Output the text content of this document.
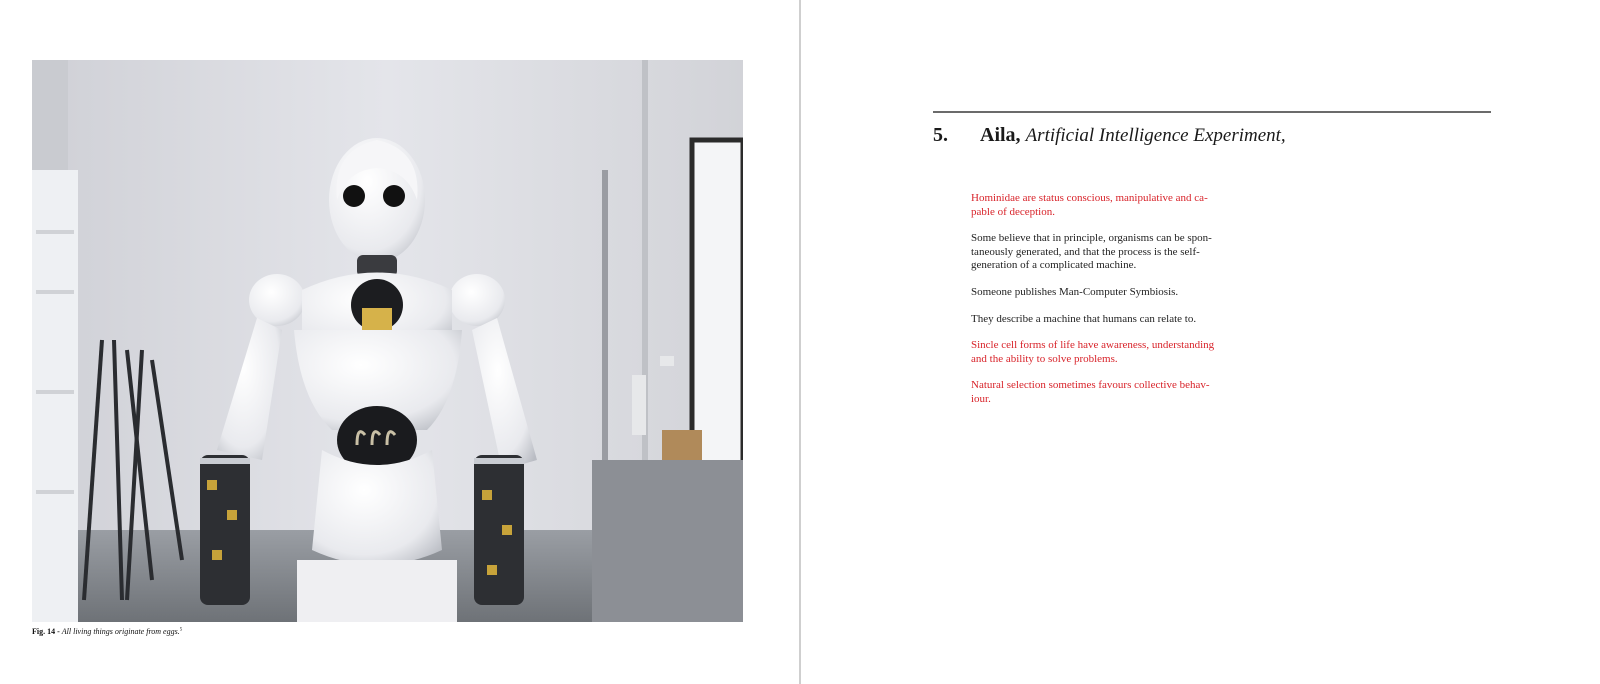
Fig. 14 - All living things originate from eggs.$^5$
5. Aila, Artificial Intelligence Experiment,

Hominidae are status conscious, manipulative and ca-pable of deception.

Some believe that in principle, organisms can be spon-taneously generated, and that the process is the self-generation of a complicated machine.

Someone publishes Man-Computer Symbiosis.

They describe a machine that humans can relate to.

Sincle cell forms of life have awareness, understanding and the ability to solve problems.

Natural selection sometimes favours collective behav-iour.
